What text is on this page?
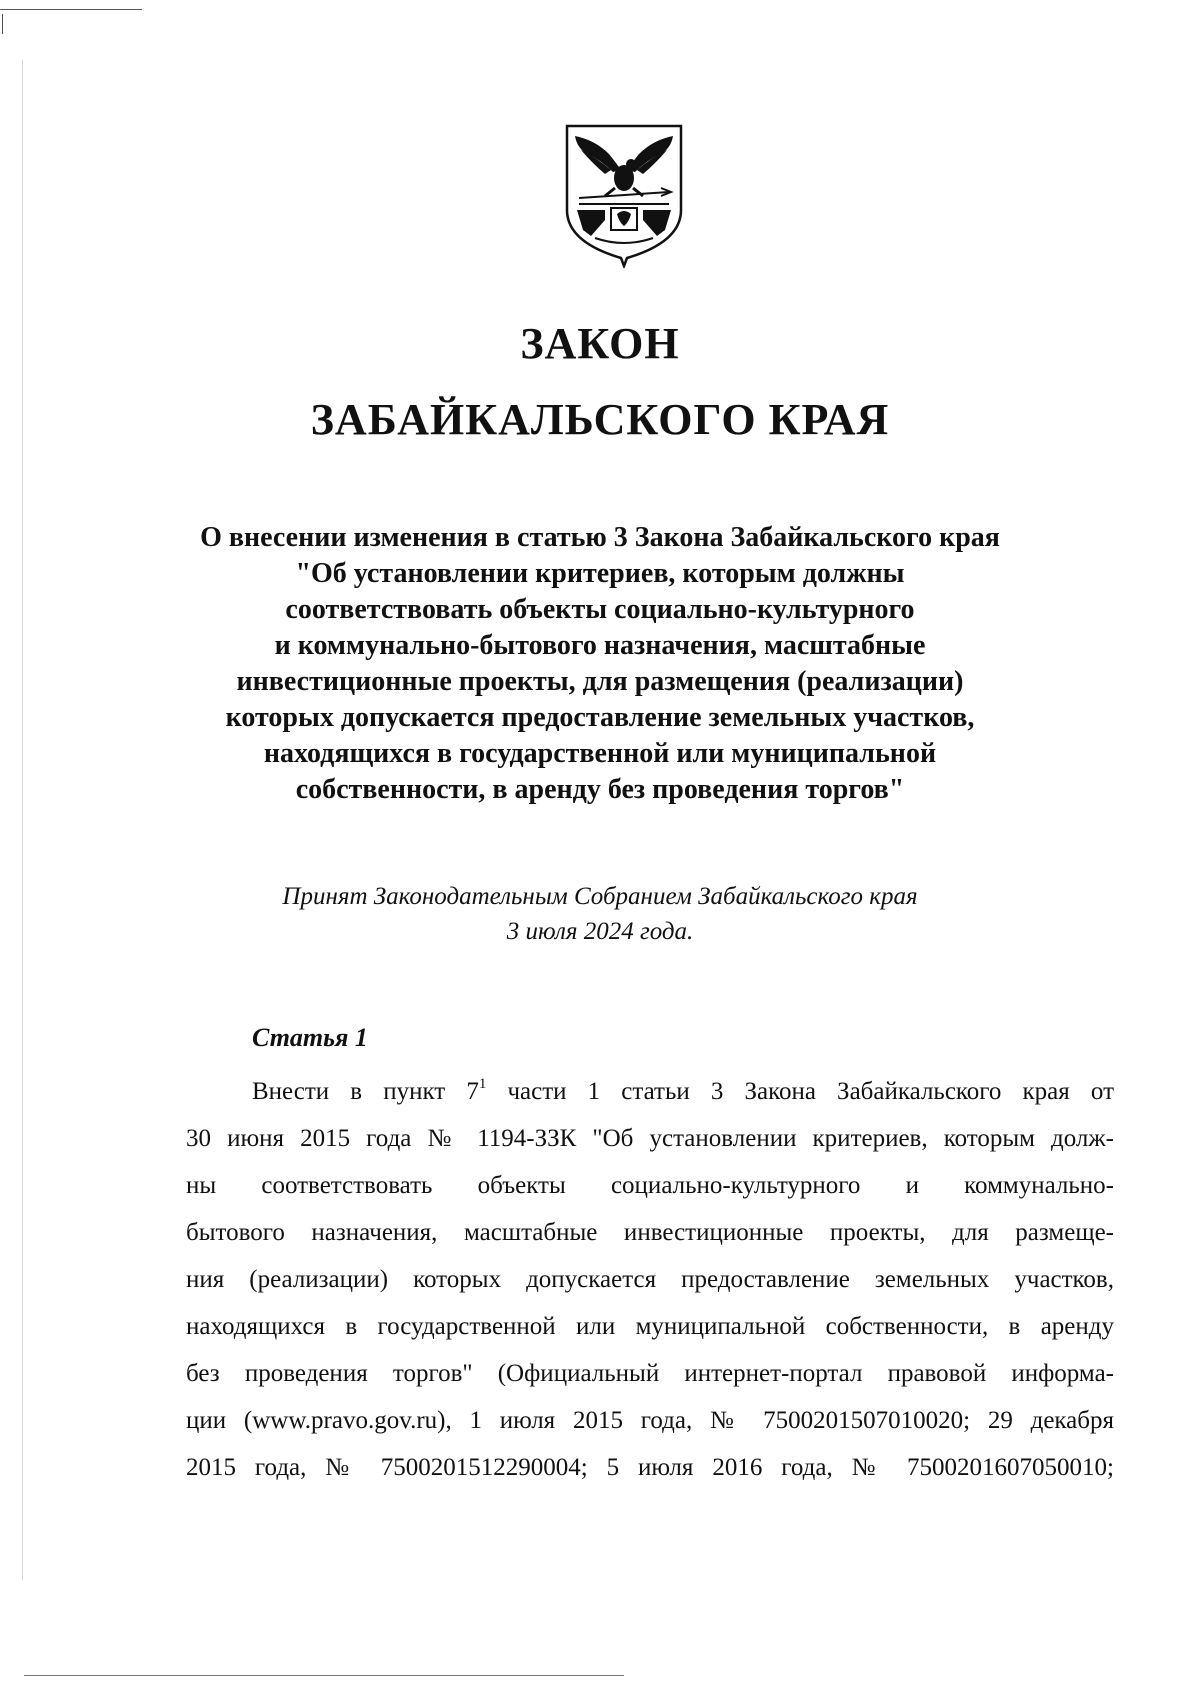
ЗАКОН
ЗАБАЙКАЛЬСКОГО КРАЯ
О внесении изменения в статью 3 Закона Забайкальского края
"Об установлении критериев, которым должны
соответствовать объекты социально-культурного
и коммунально-бытового назначения, масштабные
инвестиционные проекты, для размещения (реализации)
которых допускается предоставление земельных участков,
находящихся в государственной или муниципальной
собственности, в аренду без проведения торгов"
Принят Законодательным Собранием Забайкальского края
3 июля 2024 года.
Статья 1
Внести в пункт $7^1$ части 1 статьи 3 Закона Забайкальского края от
30 июня 2015 года № 1194-ЗЗК "Об установлении критериев, которым долж-
ны соответствовать объекты социально-культурного и коммунально-
бытового назначения, масштабные инвестиционные проекты, для размеще-
ния (реализации) которых допускается предоставление земельных участков,
находящихся в государственной или муниципальной собственности, в аренду
без проведения торгов" (Официальный интернет-портал правовой информа-
ции (www.pravo.gov.ru), 1 июля 2015 года, № 7500201507010020; 29 декабря
2015 года, № 7500201512290004; 5 июля 2016 года, № 7500201607050010;
